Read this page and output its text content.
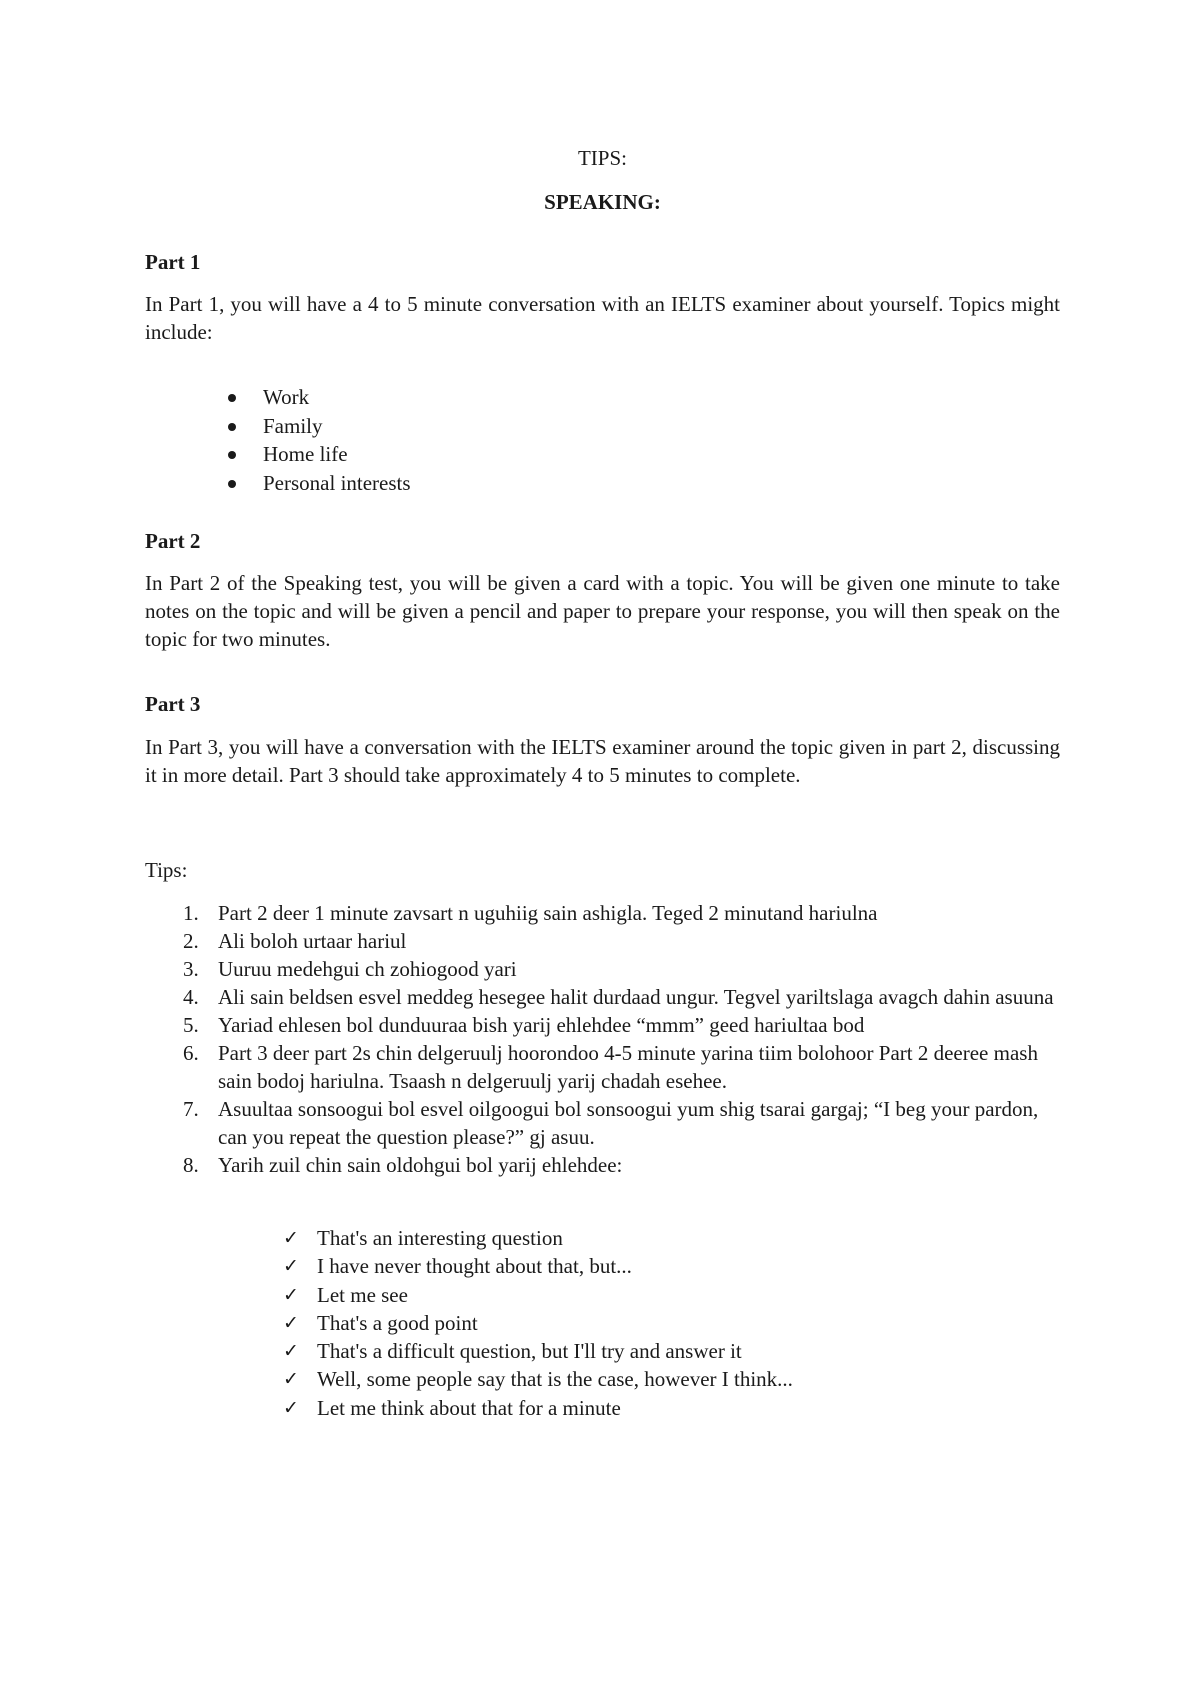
TIPS:

SPEAKING:

Part 1

In Part 1, you will have a 4 to 5 minute conversation with an IELTS examiner about yourself. Topics might include:

Work
Family
Home life
Personal interests
Part 2

In Part 2 of the Speaking test, you will be given a card with a topic. You will be given one minute to take notes on the topic and will be given a pencil and paper to prepare your response, you will then speak on the topic for two minutes.

Part 3

In Part 3, you will have a conversation with the IELTS examiner around the topic given in part 2, discussing it in more detail. Part 3 should take approximately 4 to 5 minutes to complete.

Tips:

1. Part 2 deer 1 minute zavsart n uguhiig sain ashigla. Teged 2 minutand hariulna
2. Ali boloh urtaar hariul
3. Uuruu medehgui ch zohiogood yari
4. Ali sain beldsen esvel meddeg hesegee halit durdaad ungur. Tegvel yariltslaga avagch dahin asuuna
5. Yariad ehlesen bol dunduuraa bish yarij ehlehdee “mmm” geed hariultaa bod
6. Part 3 deer part 2s chin delgeruulj hoorondoo 4-5 minute yarina tiim bolohoor Part 2 deeree mash sain bodoj hariulna. Tsaash n delgeruulj yarij chadah esehee.
7. Asuultaa sonsoogui bol esvel oilgoogui bol sonsoogui yum shig tsarai gargaj; “I beg your pardon, can you repeat the question please?” gj asuu.
8. Yarih zuil chin sain oldohgui bol yarij ehlehdee:
✓ That's an interesting question
✓ I have never thought about that, but...
✓ Let me see
✓ That's a good point
✓ That's a difficult question, but I'll try and answer it
✓ Well, some people say that is the case, however I think...
✓ Let me think about that for a minute
